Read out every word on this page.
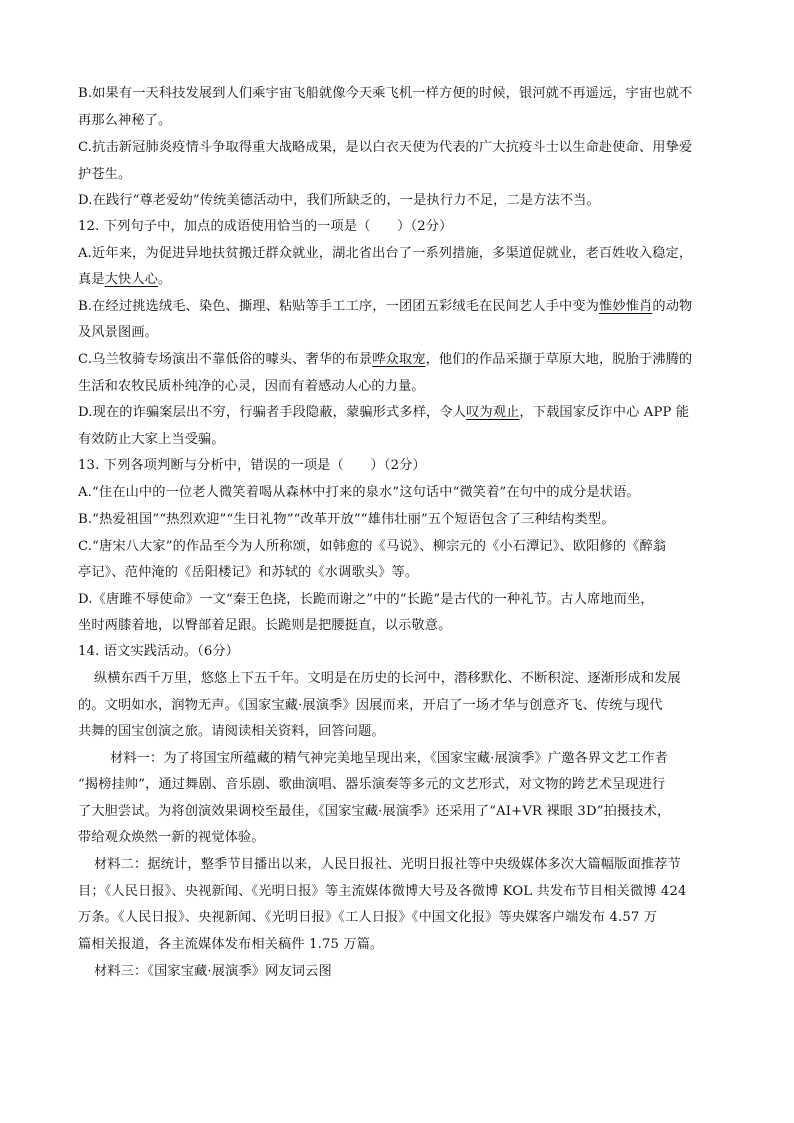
B.如果有一天科技发展到人们乘宇宙飞船就像今天乘飞机一样方便的时候，银河就不再遥远，宇宙也就不
再那么神秘了。
C.抗击新冠肺炎疫情斗争取得重大战略成果，是以白衣天使为代表的广大抗疫斗士以生命赴使命、用挚爱
护苍生。
D.在践行“尊老爱幼”传统美德活动中，我们所缺乏的，一是执行力不足，二是方法不当。
12. 下列句子中，加点的成语使用恰当的一项是（　　）（2分）
A.近年来，为促进异地扶贫搬迁群众就业，湖北省出台了一系列措施，多渠道促就业，老百姓收入稳定，
真是大快人心。
B.在经过挑选绒毛、染色、撕理、粘贴等手工工序，一团团五彩绒毛在民间艺人手中变为惟妙惟肖的动物
及风景图画。
C.乌兰牧骑专场演出不靠低俗的噱头、奢华的布景哗众取宠，他们的作品采撷于草原大地，脱胎于沸腾的
生活和农牧民质朴纯净的心灵，因而有着感动人心的力量。
D.现在的诈骗案层出不穷，行骗者手段隐蔽，蒙骗形式多样，令人叹为观止，下载国家反诈中心 APP 能
有效防止大家上当受骗。
13. 下列各项判断与分析中，错误的一项是（　　）（2分）
A.“住在山中的一位老人微笑着喝从森林中打来的泉水”这句话中“微笑着”在句中的成分是状语。
B.“热爱祖国”“热烈欢迎”“生日礼物”“改革开放”“雄伟壮丽”五个短语包含了三种结构类型。
C.“唐宋八大家”的作品至今为人所称颂，如韩愈的《马说》、柳宗元的《小石潭记》、欧阳修的《醉翁
亭记》、范仲淹的《岳阳楼记》和苏轼的《水调歌头》等。
D.《唐雎不辱使命》一文“秦王色挠，长跪而谢之”中的“长跪”是古代的一种礼节。古人席地而坐，
坐时两膝着地，以臀部着足跟。长跪则是把腰挺直，以示敬意。
14. 语文实践活动。（6分）
纵横东西千万里，悠悠上下五千年。文明是在历史的长河中，潜移默化、不断积淀、逐渐形成和发展
的。文明如水，润物无声。《国家宝藏·展演季》因展而来，开启了一场才华与创意齐飞、传统与现代
共舞的国宝创演之旅。请阅读相关资料，回答问题。
材料一：为了将国宝所蕴藏的精气神完美地呈现出来，《国家宝藏·展演季》广邀各界文艺工作者
“揭榜挂帅”，通过舞剧、音乐剧、歌曲演唱、器乐演奏等多元的文艺形式，对文物的跨艺术呈现进行
了大胆尝试。为将创演效果调校至最佳，《国家宝藏·展演季》还采用了“AI+VR 裸眼 3D”拍摄技术，
带给观众焕然一新的视觉体验。
材料二：据统计，整季节目播出以来，人民日报社、光明日报社等中央级媒体多次大篇幅版面推荐节
目；《人民日报》、央视新闻、《光明日报》等主流媒体微博大号及各微博 KOL 共发布节目相关微博 424
万条。《人民日报》、央视新闻、《光明日报》《工人日报》《中国文化报》等央媒客户端发布 4.57 万
篇相关报道，各主流媒体发布相关稿件 1.75 万篇。
材料三：《国家宝藏·展演季》网友词云图
